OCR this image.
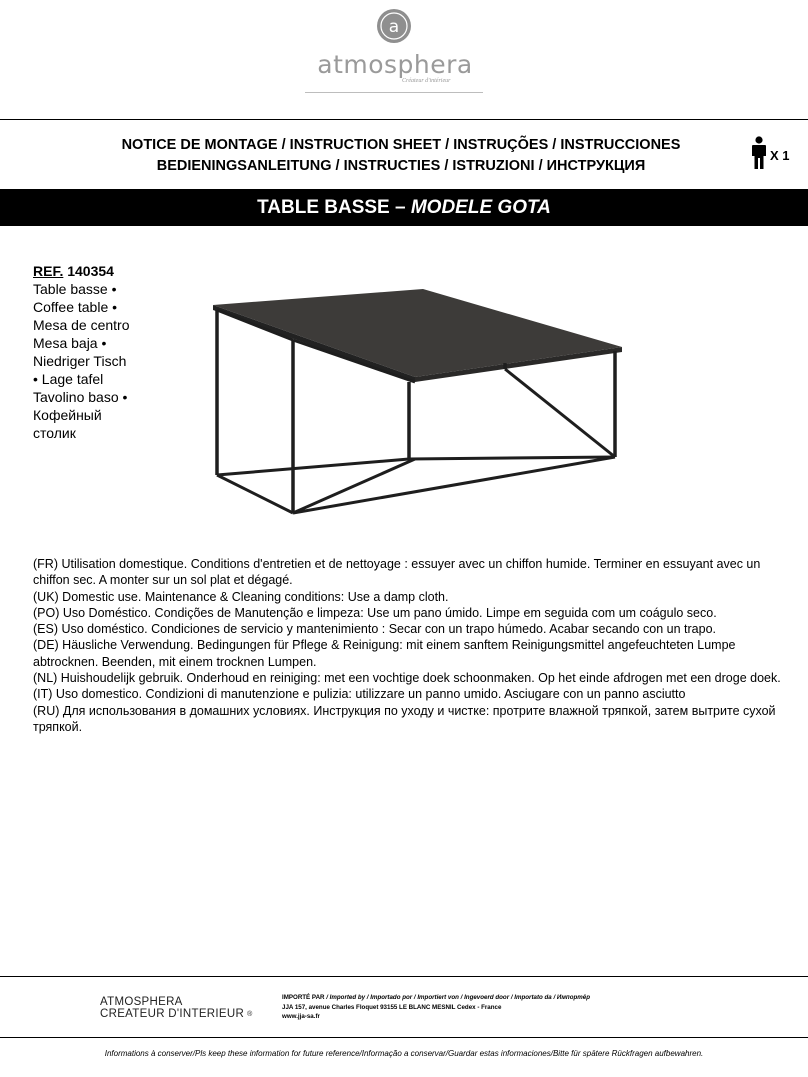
a
atmosphera
Créateur d'intérieur
NOTICE DE MONTAGE / INSTRUCTION SHEET / INSTRUÇÕES / INSTRUCCIONES
BEDIENINGSANLEITUNG / INSTRUCTIES / ISTRUZIONI / ИНСТРУКЦИЯ
X 1
TABLE BASSE – MODELE GOTA
REF. 140354
Table basse • Coffee table • Mesa de centro Mesa baja • Niedriger Tisch • Lage tafel Tavolino baso • Кофейный столик

(FR) Utilisation domestique. Conditions d'entretien et de nettoyage : essuyer avec un chiffon humide. Terminer en essuyant avec un chiffon sec. A monter sur un sol plat et dégagé.

(UK) Domestic use. Maintenance & Cleaning conditions: Use a damp cloth.

(PO) Uso Doméstico. Condições de Manutenção e limpeza: Use um pano úmido. Limpe em seguida com um coágulo seco.

(ES) Uso doméstico. Condiciones de servicio y mantenimiento : Secar con un trapo húmedo. Acabar secando con un trapo.

(DE) Häusliche Verwendung. Bedingungen für Pflege & Reinigung: mit einem sanftem Reinigungsmittel angefeuchteten Lumpe abtrocknen. Beenden, mit einem trocknen Lumpen.

(NL) Huishoudelijk gebruik. Onderhoud en reiniging: met een vochtige doek schoonmaken. Op het einde afdrogen met een droge doek.

(IT) Uso domestico. Condizioni di manutenzione e pulizia: utilizzare un panno umido. Asciugare con un panno asciutto

(RU) Для использования в домашних условиях. Инструкция по уходу и чистке: протрите влажной тряпкой, затем вытрите сухой тряпкой.

ATMOSPHERA
CREATEUR D'INTERIEUR ®
IMPORTÉ PAR / Imported by / Importado por / Importiert von / Ingevoerd door / Importato da / Импортёр
JJA 157, avenue Charles Floquet 93155 LE BLANC MESNIL Cedex - France
www.jja-sa.fr
Informations à conserver/Pls keep these information for future reference/Informação a conservar/Guardar estas informaciones/Bitte für spätere Rückfragen aufbewahren.
